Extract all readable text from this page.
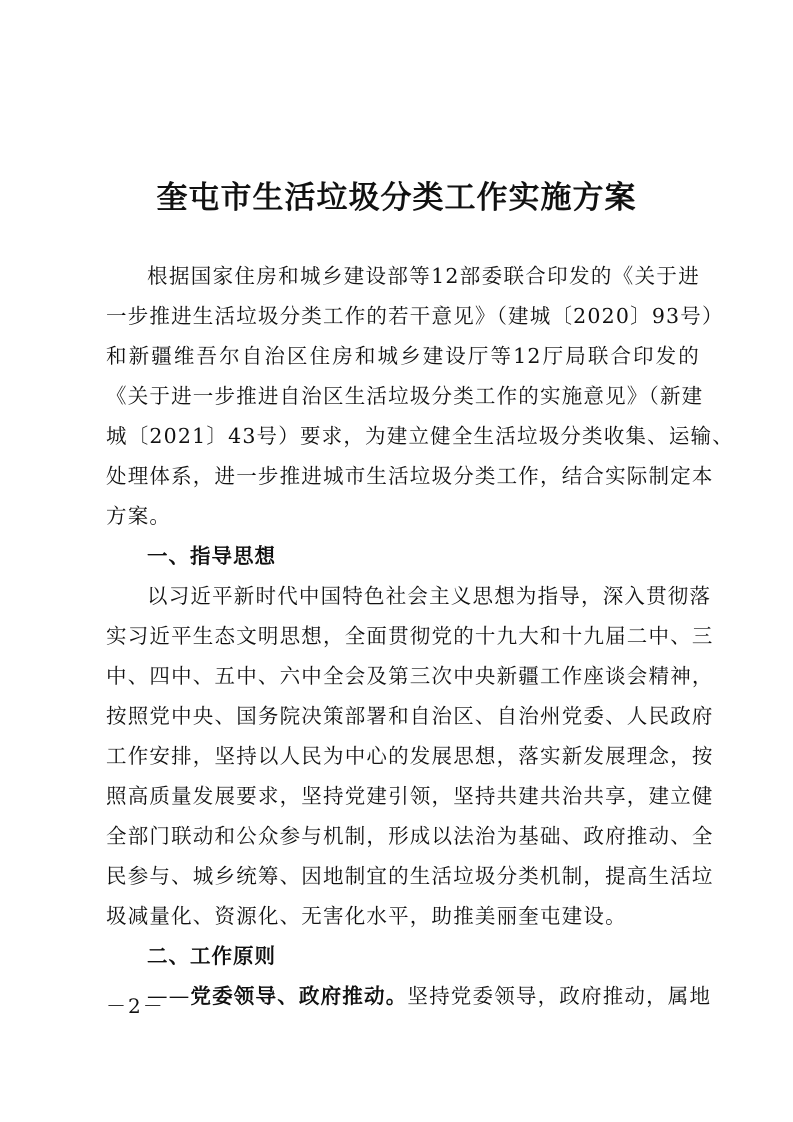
奎屯市生活垃圾分类工作实施方案
根据国家住房和城乡建设部等12部委联合印发的《关于进
一步推进生活垃圾分类工作的若干意见》（建城〔2020〕93号）
和新疆维吾尔自治区住房和城乡建设厅等12厅局联合印发的
《关于进一步推进自治区生活垃圾分类工作的实施意见》（新建
城〔2021〕43号）要求，为建立健全生活垃圾分类收集、运输、
处理体系，进一步推进城市生活垃圾分类工作，结合实际制定本
方案。
一、指导思想
以习近平新时代中国特色社会主义思想为指导，深入贯彻落
实习近平生态文明思想，全面贯彻党的十九大和十九届二中、三
中、四中、五中、六中全会及第三次中央新疆工作座谈会精神，
按照党中央、国务院决策部署和自治区、自治州党委、人民政府
工作安排，坚持以人民为中心的发展思想，落实新发展理念，按
照高质量发展要求，坚持党建引领，坚持共建共治共享，建立健
全部门联动和公众参与机制，形成以法治为基础、政府推动、全
民参与、城乡统筹、因地制宜的生活垃圾分类机制，提高生活垃
圾减量化、资源化、无害化水平，助推美丽奎屯建设。
二、工作原则
——党委领导、政府推动。坚持党委领导，政府推动，属地
－2－
